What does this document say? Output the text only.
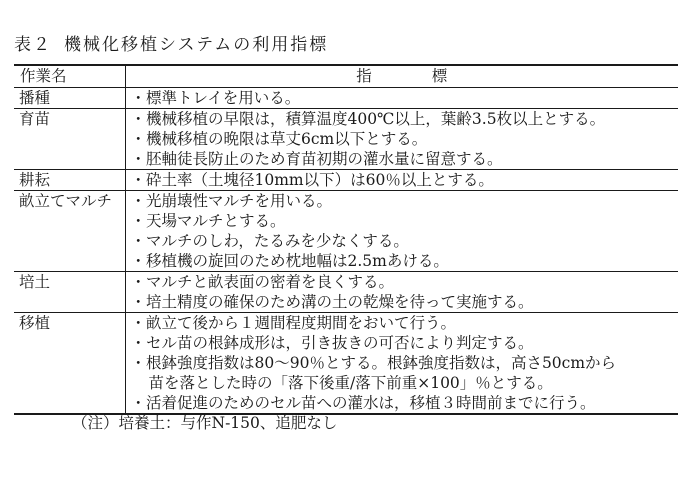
表２ 機械化移植システムの利用指標
作業名	指標
播種	・標準トレイを用いる。

育苗	・機械移植の早限は，積算温度400℃以上，葉齢3.5枚以上とする。
・機械移植の晩限は草丈6cm以下とする。
・胚軸徒長防止のため育苗初期の灌水量に留意する。

耕耘	・砕土率（土塊径10mm以下）は60％以上とする。

畝立てマルチ	・光崩壊性マルチを用いる。
・天場マルチとする。
・マルチのしわ，たるみを少なくする。
・移植機の旋回のため枕地幅は2.5mあける。

培土	・マルチと畝表面の密着を良くする。
・培土精度の確保のため溝の土の乾燥を待って実施する。

移植	・畝立て後から１週間程度期間をおいて行う。
・セル苗の根鉢成形は，引き抜きの可否により判定する。
・根鉢強度指数は80～90％とする。根鉢強度指数は，高さ50cmから
苗を落とした時の「落下後重/落下前重×100」％とする。
・活着促進のためのセル苗への灌水は，移植３時間前までに行う。
（注）培養土：与作N-150、追肥なし
